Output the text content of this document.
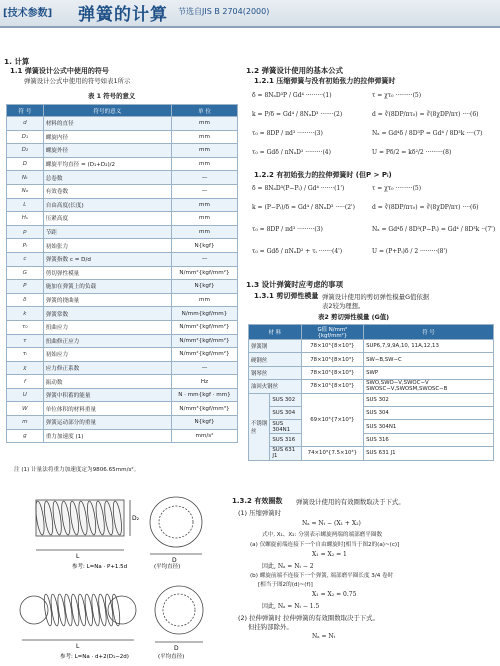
[技术参数] 弹簧的计算 节选自JIS B 2704(2000)
1. 计算
1.1 弹簧设计公式中使用的符号
弹簧设计公式中使用的符号如表1所示
表 1 符号的意义
符 号	符号的意义	单 位
d	材料的直径	mm
D₁	螺旋内径	mm
D₂	螺旋外径	mm
D	螺旋平均直径 = (D₁+D₂)/2	mm
Nₜ	总卷数	—
Nₐ	有效卷数	—
L	自由高度(长度)	mm
Hₛ	压紧高度	mm
p	节距	mm
Pᵢ	初始张力	N{kgf}
c	弹簧指数 c = D/d	—
G	剪切弹性模量	N/mm²{kgf/mm²}
P	施加在弹簧上的负载	N{kgf}
δ	弹簧的挠曲量	mm
k	弹簧常数	N/mm{kgf/mm}
τ₀	扭曲应力	N/mm²{kgf/mm²}
τ	扭曲修正应力	N/mm²{kgf/mm²}
τᵢ	初始应力	N/mm²{kgf/mm²}
χ	应力修正系数	—
f	振动数	Hz
U	弹簧中积蓄的能量	N · mm{kgf · mm}
W	单位体积的材料重量	N/mm³{kgf/mm³}
m	弹簧运动部分的重量	N{kgf}
g	重力加速度 (1)	mm/s²
注 (1) 计量法将重力加速度定为9806.65mm/s²。
L
D₂
D
参考: L=Na · P+1.5d	(平均直径)
L	D
参考: L=Na · d+2(D₁−2d)	(平均直径)
1.2 弹簧设计使用的基本公式
1.2.1 压缩弹簧与没有初始张力的拉伸弹簧时
δ = 8NₐD³P / Gd⁴ ·········(1)	τ = χτ₀ ·········(5)
k = P/δ = Gd⁴ / 8NₐD³ ·······(2)	d = ∛(8DP/πτ₀) = ∛(8χDP/πτ) ····(6)
τ₀ = 8DP / πd³ ·········(3)	Nₐ = Gd⁴δ / 8D³P = Gd⁴ / 8D³k ····(7)
τ₀ = Gdδ / πNₐD² ·········(4)	U = Pδ/2 = kδ²/2 ·········(8)
1.2.2 有初始张力的拉伸弹簧时 (但P > Pᵢ)
δ = 8NₐD³(P−Pᵢ) / Gd⁴ ·······(1')	τ = χτ₀ ·········(5)
k = (P−Pᵢ)/δ = Gd⁴ / 8NₐD³ ·····(2')	d = ∛(8DP/πτ₀) = ∛(8χDP/πτ) ····(6)
τ₀ = 8DP / πd³ ·········(3)	Nₐ = Gd⁴δ / 8D³(P−Pᵢ) = Gd⁴ / 8D³k ··(7')
τ₀ = Gdδ / πNₐD² + τᵢ ·······(4')	U = (P+Pᵢ)δ / 2 ·········(8')
1.3 设计弹簧时应考虑的事项
1.3.1 剪切弹性模量 弹簧设计使用的剪切弹性模量G值依据
表2较为理想。
表2 剪切弹性模量 (G值)
材 料		G值 N/mm² {kgf/mm²}	符 号
弹簧钢		78×10³{8×10³}	SUP6,7,9,9A,10, 11A,12,13
硬钢丝		78×10³{8×10³}	SW−B,SW−C
钢琴丝		78×10³{8×10³}	SWP
油回火钢丝		78×10³{8×10³}	SWO,SWO−V,SWOC−V SWOSC−V,SWOSM,SWOSC−B
不锈钢丝	SUS 302	69×10³{7×10³}	SUS 302
	SUS 304		SUS 304
	SUS 304N1		SUS 304N1
	SUS 316		SUS 316
	SUS 631 J1	74×10³{7.5×10³}	SUS 631 J1
1.3.2 有效圈数 弹簧设计使用的有效圈数取决于下式。
(1) 压缩弹簧时
Nₐ = Nₜ − (X₁ + X₂)
式中, X₁、X₂: 分别表示螺旋两端的端部磨平圈数
(a) 仅螺旋前端连接下一个自由螺旋时[相当于图2的(a)~(c)]
X₁ = X₂ = 1
因此, Nₐ = Nₜ − 2
(b) 螺旋前端不连接下一个弹簧, 端部磨平圈长度 3/4 卷时
[相当于图2的(d)~(f)]
X₁ = X₂ = 0.75
因此, Nₐ = Nₜ − 1.5
(2) 拉伸弹簧时 拉伸弹簧的有效圈数取决于下式。
但挂钩部除外。
Nₐ = Nₜ
